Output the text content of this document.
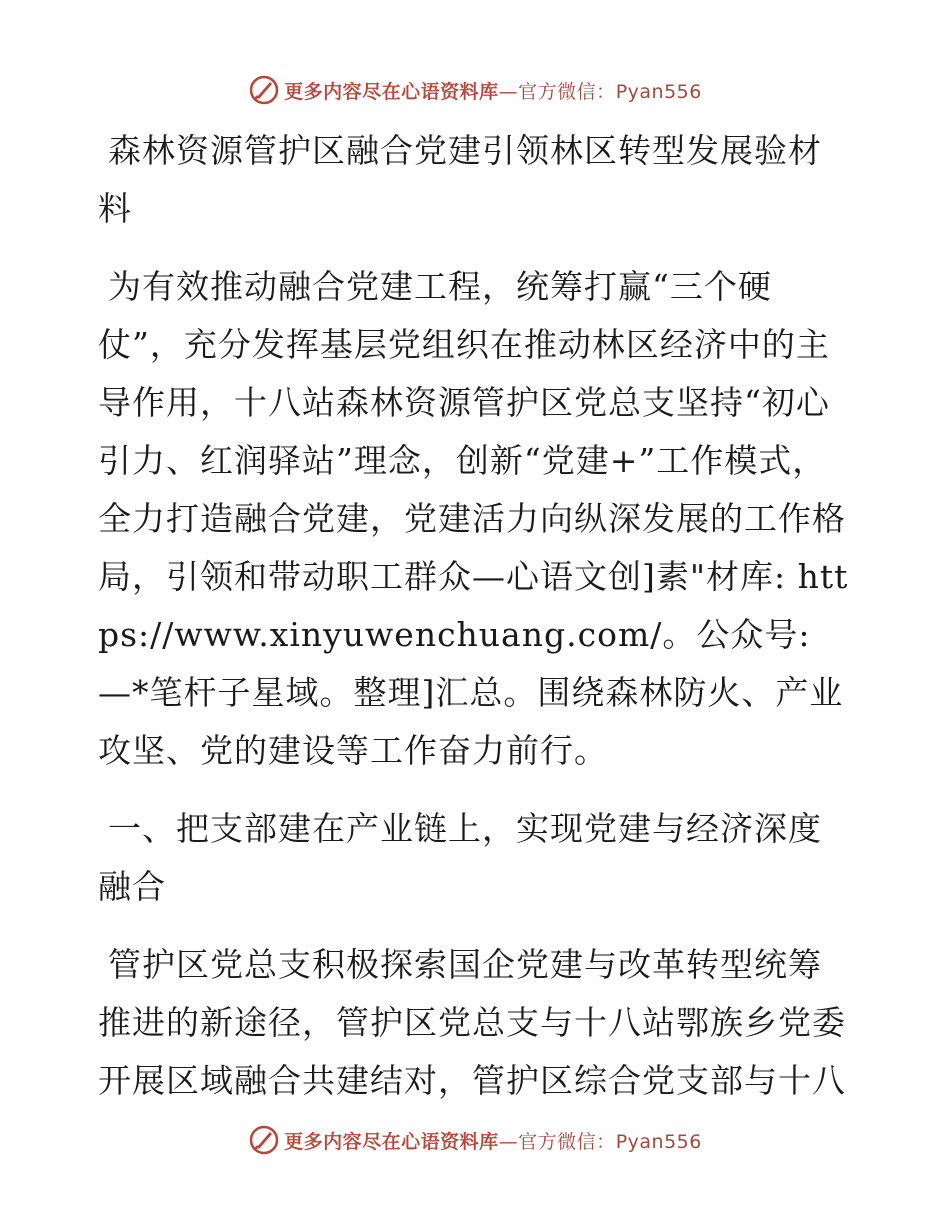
更多内容尽在心语资料库—官方微信：Pyan556

森林资源管护区融合党建引领林区转型发展验材料

为有效推动融合党建工程，统筹打赢“三个硬仗”，充分发挥基层党组织在推动林区经济中的主导作用，十八站森林资源管护区党总支坚持“初心引力、红润驿站”理念，创新“党建+”工作模式，全力打造融合党建，党建活力向纵深发展的工作格局，引领和带动职工群众—心语文创]素"材库: https://www.xinyuwenchuang.com/。公众号: —*笔杆子星域。整理]汇总。围绕森林防火、产业攻坚、党的建设等工作奋力前行。

一、把支部建在产业链上，实现党建与经济深度融合

管护区党总支积极探索国企党建与改革转型统筹推进的新途径，管护区党总支与十八站鄂族乡党委开展区域融合共建结对，管护区综合党支部与十八

更多内容尽在心语资料库—官方微信：Pyan556
